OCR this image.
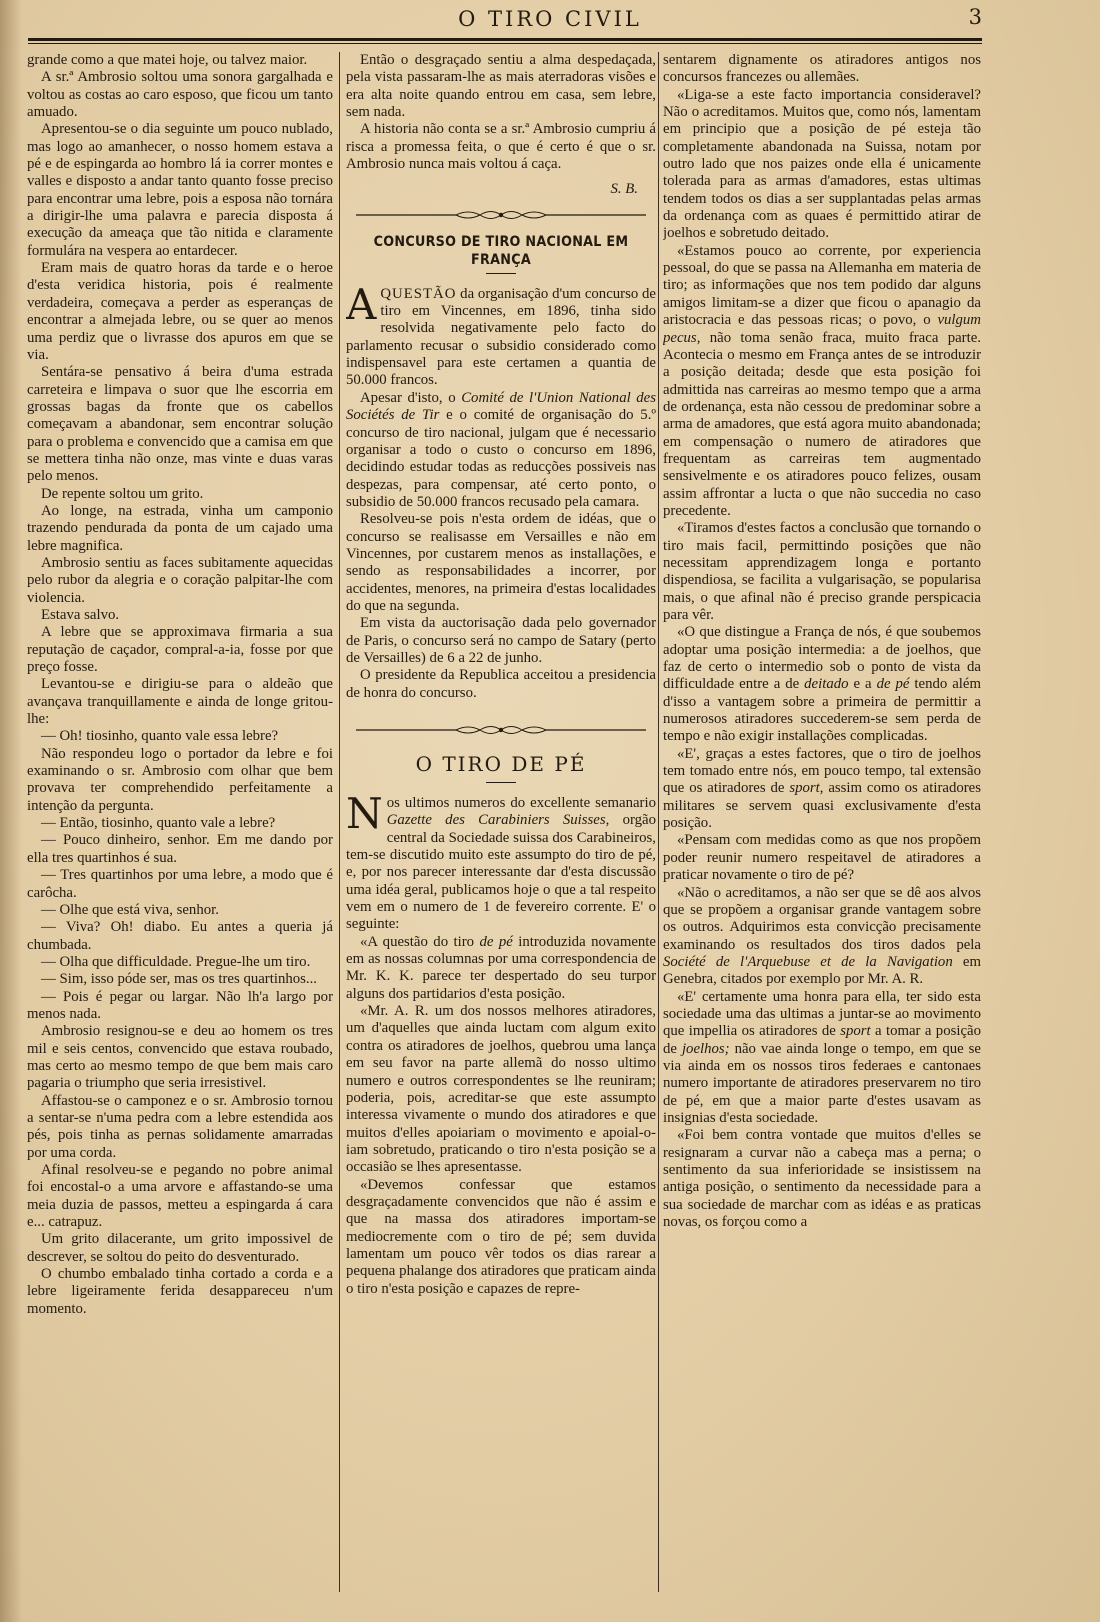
O TIRO CIVIL	3

grande como a que matei hoje, ou talvez maior.

A sr.ª Ambrosio soltou uma sonora gargalhada e voltou as costas ao caro esposo, que ficou um tanto amuado.

Apresentou-se o dia seguinte um pouco nublado, mas logo ao amanhecer, o nosso homem estava a pé e de espingarda ao hombro lá ia correr montes e valles e disposto a andar tanto quanto fosse preciso para encontrar uma lebre, pois a esposa não tornára a dirigir-lhe uma palavra e parecia disposta á execução da ameaça que tão nitida e claramente formulára na vespera ao entardecer.

Eram mais de quatro horas da tarde e o heroe d'esta veridica historia, pois é realmente verdadeira, começava a perder as esperanças de encontrar a almejada lebre, ou se quer ao menos uma perdiz que o livrasse dos apuros em que se via.

Sentára-se pensativo á beira d'uma estrada carreteira e limpava o suor que lhe escorria em grossas bagas da fronte que os cabellos começavam a abandonar, sem encontrar solução para o problema e convencido que a camisa em que se mettera tinha não onze, mas vinte e duas varas pelo menos.

De repente soltou um grito.

Ao longe, na estrada, vinha um camponio trazendo pendurada da ponta de um cajado uma lebre magnifica.

Ambrosio sentiu as faces subitamente aquecidas pelo rubor da alegria e o coração palpitar-lhe com violencia.

Estava salvo.

A lebre que se approximava firmaria a sua reputação de caçador, compral-a-ia, fosse por que preço fosse.

Levantou-se e dirigiu-se para o aldeão que avançava tranquillamente e ainda de longe gritou-lhe:

— Oh! tiosinho, quanto vale essa lebre?

Não respondeu logo o portador da lebre e foi examinando o sr. Ambrosio com olhar que bem provava ter comprehendido perfeitamente a intenção da pergunta.

— Então, tiosinho, quanto vale a lebre?

— Pouco dinheiro, senhor. Em me dando por ella tres quartinhos é sua.

— Tres quartinhos por uma lebre, a modo que é carôcha.

— Olhe que está viva, senhor.

— Viva? Oh! diabo. Eu antes a queria já chumbada.

— Olha que difficuldade. Pregue-lhe um tiro.

— Sim, isso póde ser, mas os tres quartinhos...

— Pois é pegar ou largar. Não lh'a largo por menos nada.

Ambrosio resignou-se e deu ao homem os tres mil e seis centos, convencido que estava roubado, mas certo ao mesmo tempo de que bem mais caro pagaria o triumpho que seria irresistivel.

Affastou-se o camponez e o sr. Ambrosio tornou a sentar-se n'uma pedra com a lebre estendida aos pés, pois tinha as pernas solidamente amarradas por uma corda.

Afinal resolveu-se e pegando no pobre animal foi encostal-o a uma arvore e affastando-se uma meia duzia de passos, metteu a espingarda á cara e... catrapuz.

Um grito dilacerante, um grito impossivel de descrever, se soltou do peito do desventurado.

O chumbo embalado tinha cortado a corda e a lebre ligeiramente ferida desappareceu n'um momento.

Então o desgraçado sentiu a alma despedaçada, pela vista passaram-lhe as mais aterradoras visões e era alta noite quando entrou em casa, sem lebre, sem nada.

A historia não conta se a sr.ª Ambrosio cumpriu á risca a promessa feita, o que é certo é que o sr. Ambrosio nunca mais voltou á caça.

S. B.
CONCURSO DE TIRO NACIONAL EM FRANÇA

AQUESTÃO da organisação d'um concurso de tiro em Vincennes, em 1896, tinha sido resolvida negativamente pelo facto do parlamento recusar o subsidio considerado como indispensavel para este certamen a quantia de 50.000 francos.

Apesar d'isto, o Comité de l'Union National des Sociétés de Tir e o comité de organisação do 5.º concurso de tiro nacional, julgam que é necessario organisar a todo o custo o concurso em 1896, decidindo estudar todas as reducções possiveis nas despezas, para compensar, até certo ponto, o subsidio de 50.000 francos recusado pela camara.

Resolveu-se pois n'esta ordem de idéas, que o concurso se realisasse em Versailles e não em Vincennes, por custarem menos as installações, e sendo as responsabilidades a incorrer, por accidentes, menores, na primeira d'estas localidades do que na segunda.

Em vista da auctorisação dada pelo governador de Paris, o concurso será no campo de Satary (perto de Versailles) de 6 a 22 de junho.

O presidente da Republica acceitou a presidencia de honra do concurso.

O TIRO DE PÉ

Nos ultimos numeros do excellente semanario Gazette des Carabiniers Suisses, orgão central da Sociedade suissa dos Carabineiros, tem-se discutido muito este assumpto do tiro de pé, e, por nos parecer interessante dar d'esta discussão uma idéa geral, publicamos hoje o que a tal respeito vem em o numero de 1 de fevereiro corrente. E' o seguinte:

«A questão do tiro de pé introduzida novamente em as nossas columnas por uma correspondencia de Mr. K. K. parece ter despertado do seu turpor alguns dos partidarios d'esta posição.

«Mr. A. R. um dos nossos melhores atiradores, um d'aquelles que ainda luctam com algum exito contra os atiradores de joelhos, quebrou uma lança em seu favor na parte allemã do nosso ultimo numero e outros correspondentes se lhe reuniram; poderia, pois, acreditar-se que este assumpto interessa vivamente o mundo dos atiradores e que muitos d'elles apoiariam o movimento e apoial-o-iam sobretudo, praticando o tiro n'esta posição se a occasião se lhes apresentasse.

«Devemos confessar que estamos desgraçadamente convencidos que não é assim e que na massa dos atiradores importam-se mediocremente com o tiro de pé; sem duvida lamentam um pouco vêr todos os dias rarear a pequena phalange dos atiradores que praticam ainda o tiro n'esta posição e capazes de repre-

sentarem dignamente os atiradores antigos nos concursos francezes ou allemães.

«Liga-se a este facto importancia consideravel? Não o acreditamos. Muitos que, como nós, lamentam em principio que a posição de pé esteja tão completamente abandonada na Suissa, notam por outro lado que nos paizes onde ella é unicamente tolerada para as armas d'amadores, estas ultimas tendem todos os dias a ser supplantadas pelas armas da ordenança com as quaes é permittido atirar de joelhos e sobretudo deitado.

«Estamos pouco ao corrente, por experiencia pessoal, do que se passa na Allemanha em materia de tiro; as informações que nos tem podido dar alguns amigos limitam-se a dizer que ficou o apanagio da aristocracia e das pessoas ricas; o povo, o vulgum pecus, não toma senão fraca, muito fraca parte. Acontecia o mesmo em França antes de se introduzir a posição deitada; desde que esta posição foi admittida nas carreiras ao mesmo tempo que a arma de ordenança, esta não cessou de predominar sobre a arma de amadores, que está agora muito abandonada; em compensação o numero de atiradores que frequentam as carreiras tem augmentado sensivelmente e os atiradores pouco felizes, ousam assim affrontar a lucta o que não succedia no caso precedente.

«Tiramos d'estes factos a conclusão que tornando o tiro mais facil, permittindo posições que não necessitam apprendizagem longa e portanto dispendiosa, se facilita a vulgarisação, se popularisa mais, o que afinal não é preciso grande perspicacia para vêr.

«O que distingue a França de nós, é que soubemos adoptar uma posição intermedia: a de joelhos, que faz de certo o intermedio sob o ponto de vista da difficuldade entre a de deitado e a de pé tendo além d'isso a vantagem sobre a primeira de permittir a numerosos atiradores succederem-se sem perda de tempo e não exigir installações complicadas.

«E', graças a estes factores, que o tiro de joelhos tem tomado entre nós, em pouco tempo, tal extensão que os atiradores de sport, assim como os atiradores militares se servem quasi exclusivamente d'esta posição.

«Pensam com medidas como as que nos propõem poder reunir numero respeitavel de atiradores a praticar novamente o tiro de pé?

«Não o acreditamos, a não ser que se dê aos alvos que se propõem a organisar grande vantagem sobre os outros. Adquirimos esta convicção precisamente examinando os resultados dos tiros dados pela Société de l'Arquebuse et de la Navigation em Genebra, citados por exemplo por Mr. A. R.

«E' certamente uma honra para ella, ter sido esta sociedade uma das ultimas a juntar-se ao movimento que impellia os atiradores de sport a tomar a posição de joelhos; não vae ainda longe o tempo, em que se via ainda em os nossos tiros federaes e cantonaes numero importante de atiradores preservarem no tiro de pé, em que a maior parte d'estes usavam as insignias d'esta sociedade.

«Foi bem contra vontade que muitos d'elles se resignaram a curvar não a cabeça mas a perna; o sentimento da sua inferioridade se insistissem na antiga posição, o sentimento da necessidade para a sua sociedade de marchar com as idéas e as praticas novas, os forçou como a
